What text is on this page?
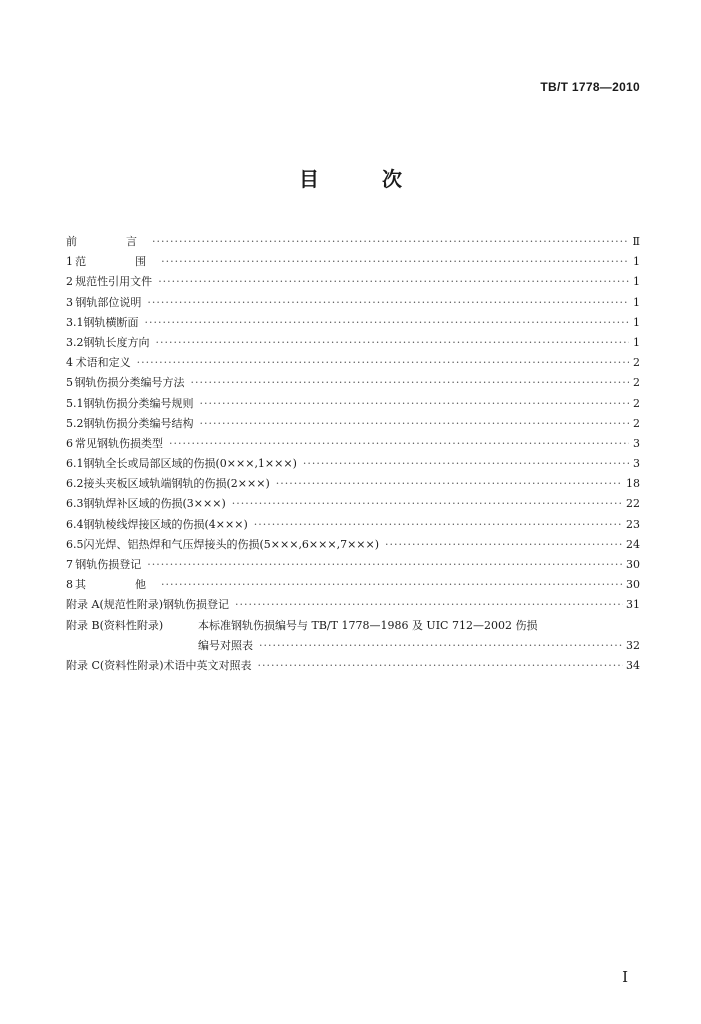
TB/T 1778—2010
目 次
前　　言 ·····	Ⅱ
1 范　　围 ·····	1
2 规范性引用文件 ·····	1
3 钢轨部位说明 ·····	1
3.1 钢轨横断面 ·····	1
3.2 钢轨长度方向 ·····	1
4 术语和定义 ·····	2
5 钢轨伤损分类编号方法 ·····	2
5.1 钢轨伤损分类编号规则 ·····	2
5.2 钢轨伤损分类编号结构 ·····	2
6 常见钢轨伤损类型 ·····	3
6.1 钢轨全长或局部区域的伤损(0×××,1×××) ·····	3
6.2 接头夹板区域轨端钢轨的伤损(2×××) ·····	18
6.3 钢轨焊补区域的伤损(3×××) ·····	22
6.4 钢轨棱线焊接区域的伤损(4×××) ·····	23
6.5 闪光焊、铝热焊和气压焊接头的伤损(5×××,6×××,7×××) ·····	24
7 钢轨伤损登记 ·····	30
8 其　　他 ·····	30
附录 A(规范性附录) 钢轨伤损登记 ·····	31
附录 B(资料性附录)	本标准钢轨伤损编号与 TB/T 1778—1986 及 UIC 712—2002 伤损
编号对照表 ·····	32
附录 C(资料性附录) 术语中英文对照表 ·····	34
Ⅰ
